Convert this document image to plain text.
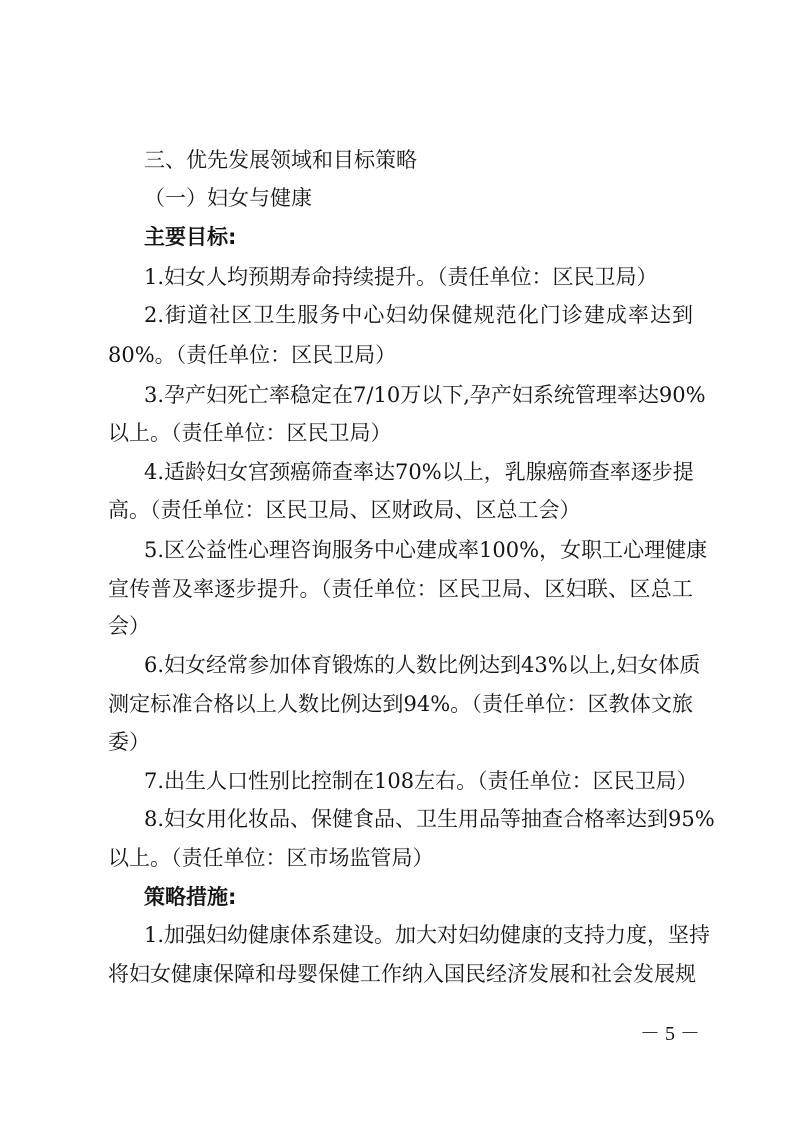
三、优先发展领域和目标策略
（一）妇女与健康
主要目标:
1.妇女人均预期寿命持续提升。（责任单位：区民卫局）
2.街道社区卫生服务中心妇幼保健规范化门诊建成率达到
80%。（责任单位：区民卫局）
3.孕产妇死亡率稳定在7/10万以下,孕产妇系统管理率达90%
以上。（责任单位：区民卫局）
4.适龄妇女宫颈癌筛查率达70%以上，乳腺癌筛查率逐步提
高。（责任单位：区民卫局、区财政局、区总工会）
5.区公益性心理咨询服务中心建成率100%，女职工心理健康
宣传普及率逐步提升。（责任单位：区民卫局、区妇联、区总工
会）
6.妇女经常参加体育锻炼的人数比例达到43%以上,妇女体质
测定标准合格以上人数比例达到94%。（责任单位：区教体文旅
委）
7.出生人口性别比控制在108左右。（责任单位：区民卫局）
8.妇女用化妆品、保健食品、卫生用品等抽查合格率达到95%
以上。（责任单位：区市场监管局）
策略措施:
1.加强妇幼健康体系建设。加大对妇幼健康的支持力度，坚持
将妇女健康保障和母婴保健工作纳入国民经济发展和社会发展规
－ 5 －
